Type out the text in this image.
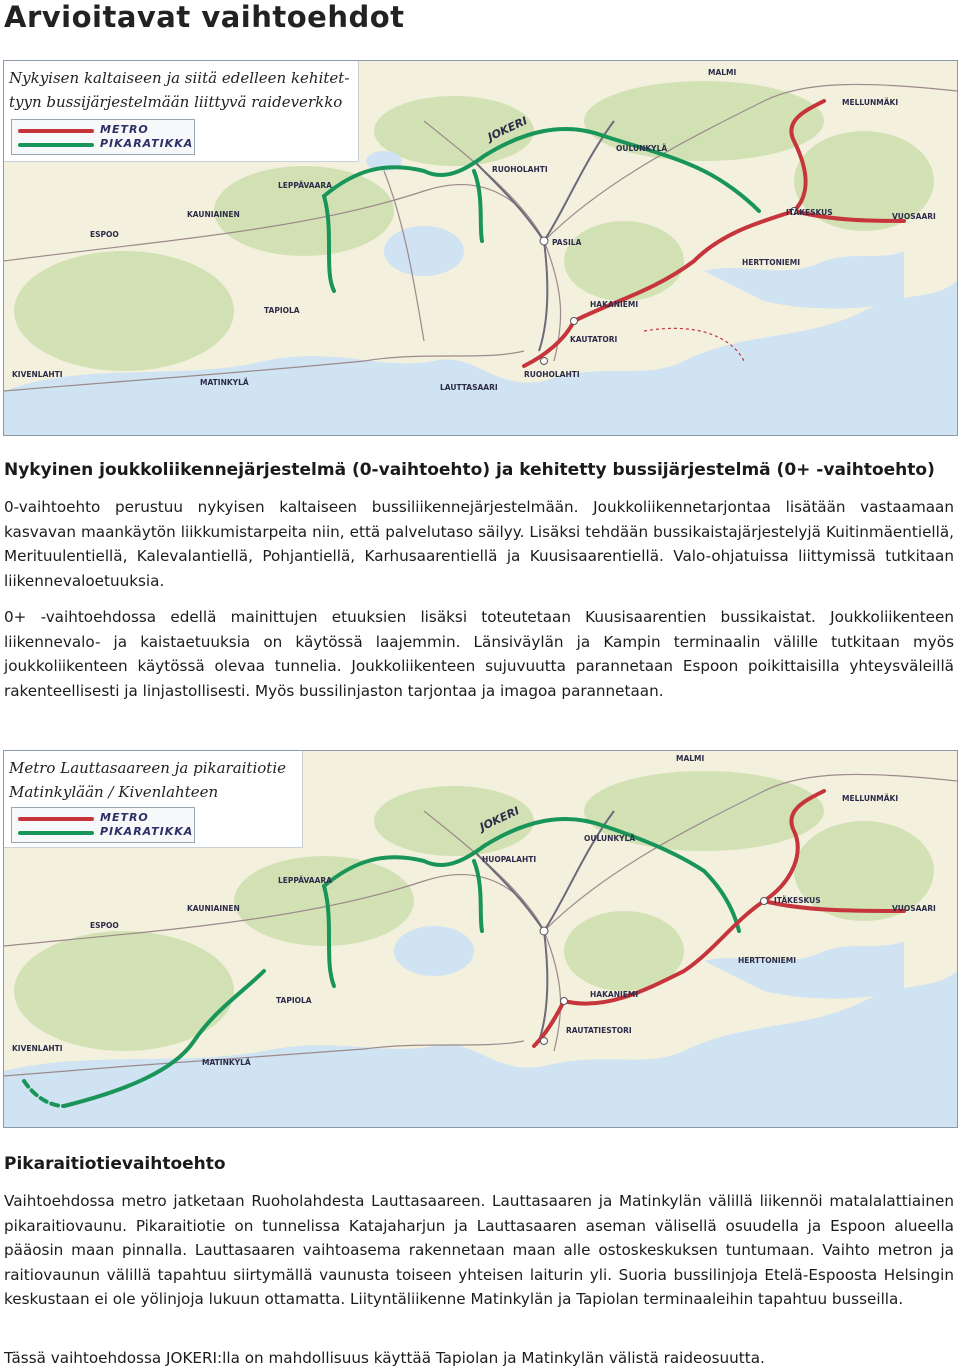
Arvioitavat vaihtoehdot
MALMI
MELLUNMÄKI
OULUNKYLÄ
RUOHOLAHTI
LEPPÄVAARA
KAUNIAINEN
ESPOO
PASILA
ITÄKESKUS	VUOSAARI
HERTTONIEMI
HAKANIEMI
KAUTATORI
TAPIOLA
RUOHOLAHTI
LAUTTASAARI
KIVENLAHTI
MATINKYLÄ
JOKERI
Nykyisen kaltaiseen ja siitä edelleen kehitet-
tyyn bussijärjestelmään liittyvä raideverkko
METRO
PIKARATIKKA
Nykyinen joukkoliikennejärjestelmä (0-vaihtoehto) ja kehitetty bussijärjestelmä (0+ -vaihtoehto)

0-vaihtoehto perustuu nykyisen kaltaiseen bussiliikennejärjestelmään. Joukkoliikennetarjontaa lisätään vastaamaan kasvavan maankäytön liikkumistarpeita niin, että palvelutaso säilyy. Lisäksi tehdään bussikaistajärjestelyjä Kuitinmäentiellä, Merituulentiellä, Kalevalantiellä, Pohjantiellä, Karhusaarentiellä ja Kuusisaarentiellä. Valo-ohjatuissa liittymissä tutkitaan liikennevaloetuuksia.

0+ -vaihtoehdossa edellä mainittujen etuuksien lisäksi toteutetaan Kuusisaarentien bussikaistat. Joukkoliikenteen liikennevalo- ja kaistaetuuksia on käytössä laajemmin. Länsiväylän ja Kampin terminaalin välille tutkitaan myös joukkoliikenteen käytössä olevaa tunnelia. Joukkoliikenteen sujuvuutta parannetaan Espoon poikittaisilla yhteysväleillä rakenteellisesti ja linjastollisesti. Myös bussilinjaston tarjontaa ja imagoa parannetaan.

MALMI
MELLUNMÄKI
OULUNKYLÄ
HUOPALAHTI
LEPPÄVAARA
KAUNIAINEN
ESPOO
ITÄKESKUS
VUOSAARI
HERTTONIEMI
HAKANIEMI
RAUTATIESTORI
TAPIOLA
KIVENLAHTI
MATINKYLÄ
JOKERI
Metro Lauttasaareen ja pikaraitiotie
Matinkylään / Kivenlahteen
METRO
PIKARATIKKA
Pikaraitiotievaihtoehto

Vaihtoehdossa metro jatketaan Ruoholahdesta Lauttasaareen. Lauttasaaren ja Matinkylän välillä liikennöi matalalattiainen pikaraitiovaunu. Pikaraitiotie on tunnelissa Katajaharjun ja Lauttasaaren aseman välisellä osuudella ja Espoon alueella pääosin maan pinnalla. Lauttasaaren vaihtoasema rakennetaan maan alle ostoskeskuksen tuntumaan. Vaihto metron ja raitiovaunun välillä tapahtuu siirtymällä vaunusta toiseen yhteisen laiturin yli. Suoria bussilinjoja Etelä-Espoosta Helsingin keskustaan ei ole yölinjoja lukuun ottamatta. Liityntäliikenne Matinkylän ja Tapiolan terminaaleihin tapahtuu busseilla.

Tässä vaihtoehdossa JOKERI:lla on mahdollisuus käyttää Tapiolan ja Matinkylän välistä raideosuutta.
